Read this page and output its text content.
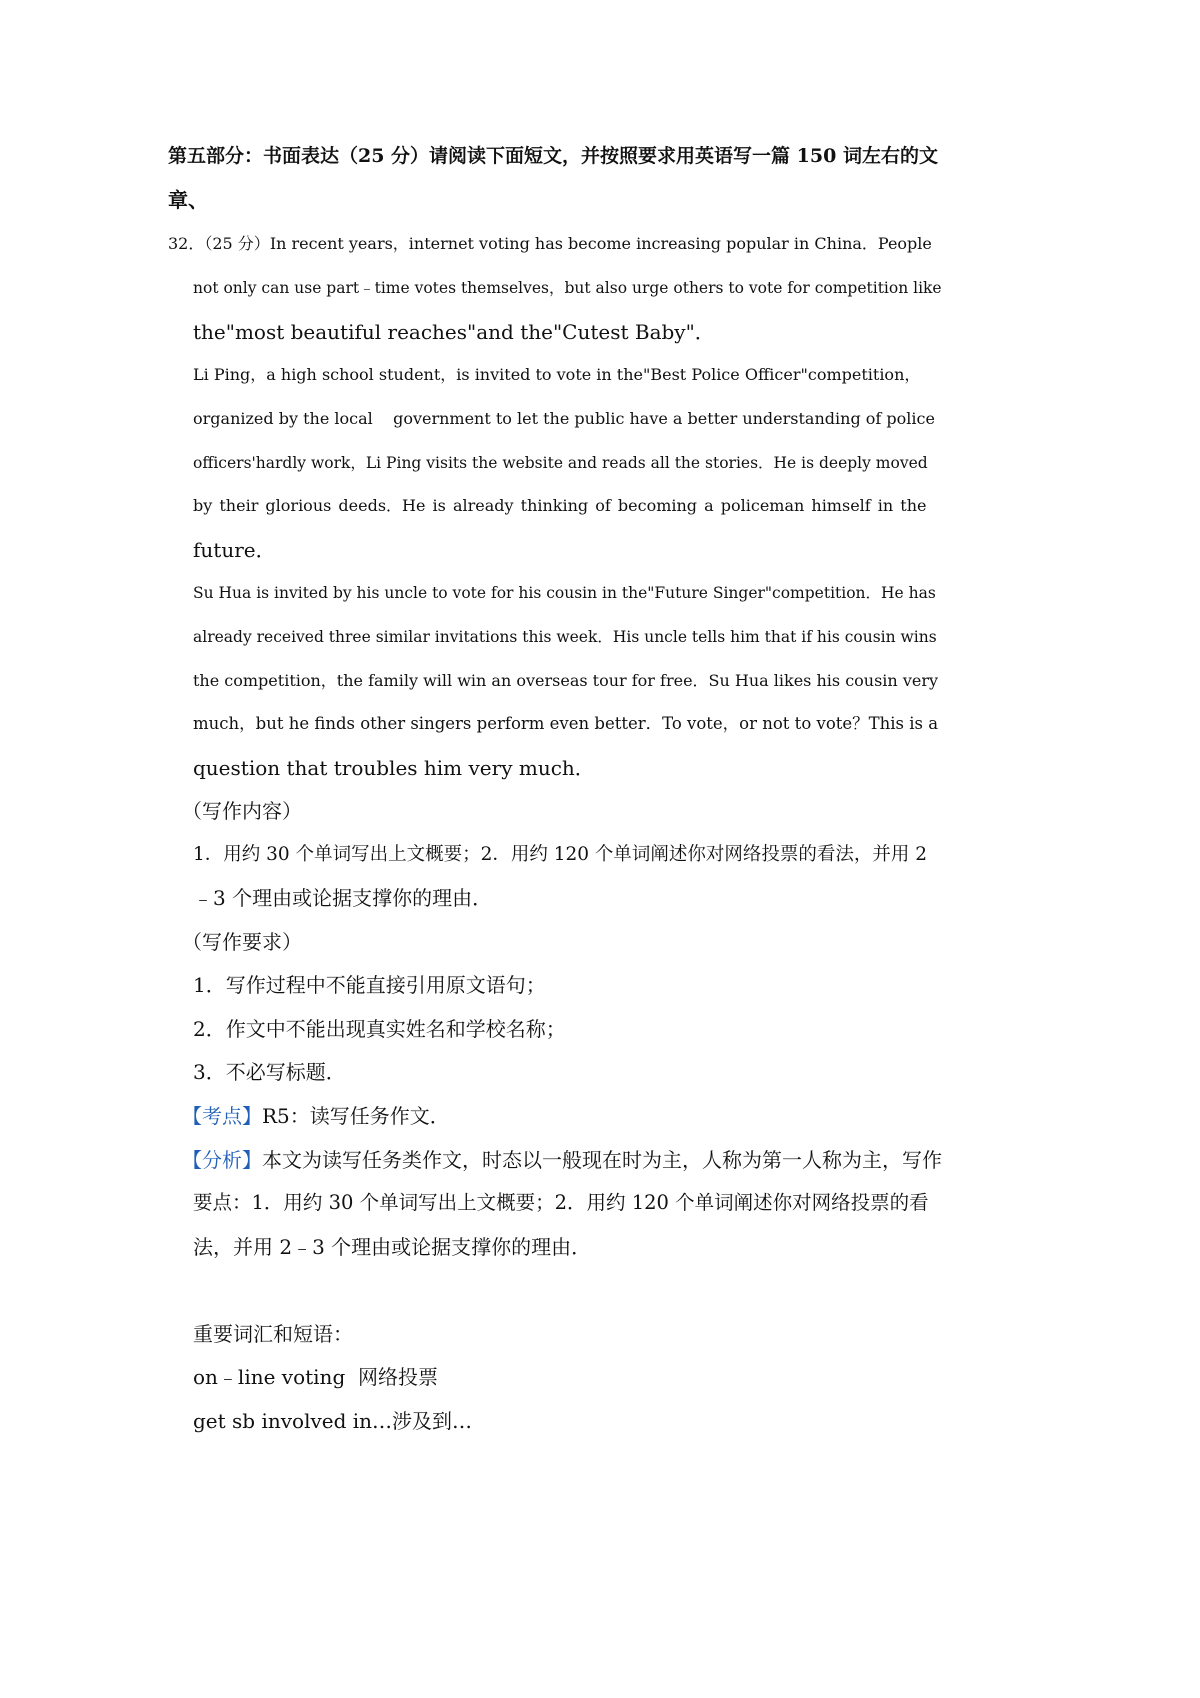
第五部分：书面表达（25 分）请阅读下面短文，并按照要求用英语写一篇 150 词左右的文
章、
32．（25 分）In recent years，internet voting has become increasing popular in China．People
not only can use part﹣time votes themselves，but also urge others to vote for competition like
the"most beautiful reaches"and the"Cutest Baby"．
Li Ping，a high school student，is invited to vote in the"Best Police Officer"competition，
organized by the local    government to let the public have a better understanding of police
officers'hardly work，Li Ping visits the website and reads all the stories．He is deeply moved
by their glorious deeds．He is already thinking of becoming a policeman himself in the
future．
Su Hua is invited by his uncle to vote for his cousin in the"Future Singer"competition．He has
already received three similar invitations this week．His uncle tells him that if his cousin wins
the competition，the family will win an overseas tour for free．Su Hua likes his cousin very
much，but he finds other singers perform even better．To vote，or not to vote？This is a
question that troubles him very much．
（写作内容）
1．用约 30 个单词写出上文概要；2．用约 120 个单词阐述你对网络投票的看法，并用 2
﹣3 个理由或论据支撑你的理由．
（写作要求）
1．写作过程中不能直接引用原文语句；
2．作文中不能出现真实姓名和学校名称；
3．不必写标题．
【考点】R5：读写任务作文．
【分析】本文为读写任务类作文，时态以一般现在时为主，人称为第一人称为主，写作
要点：1．用约 30 个单词写出上文概要；2．用约 120 个单词阐述你对网络投票的看
法，并用 2﹣3 个理由或论据支撑你的理由．
重要词汇和短语：
on﹣line voting  网络投票
get sb involved in…涉及到…
